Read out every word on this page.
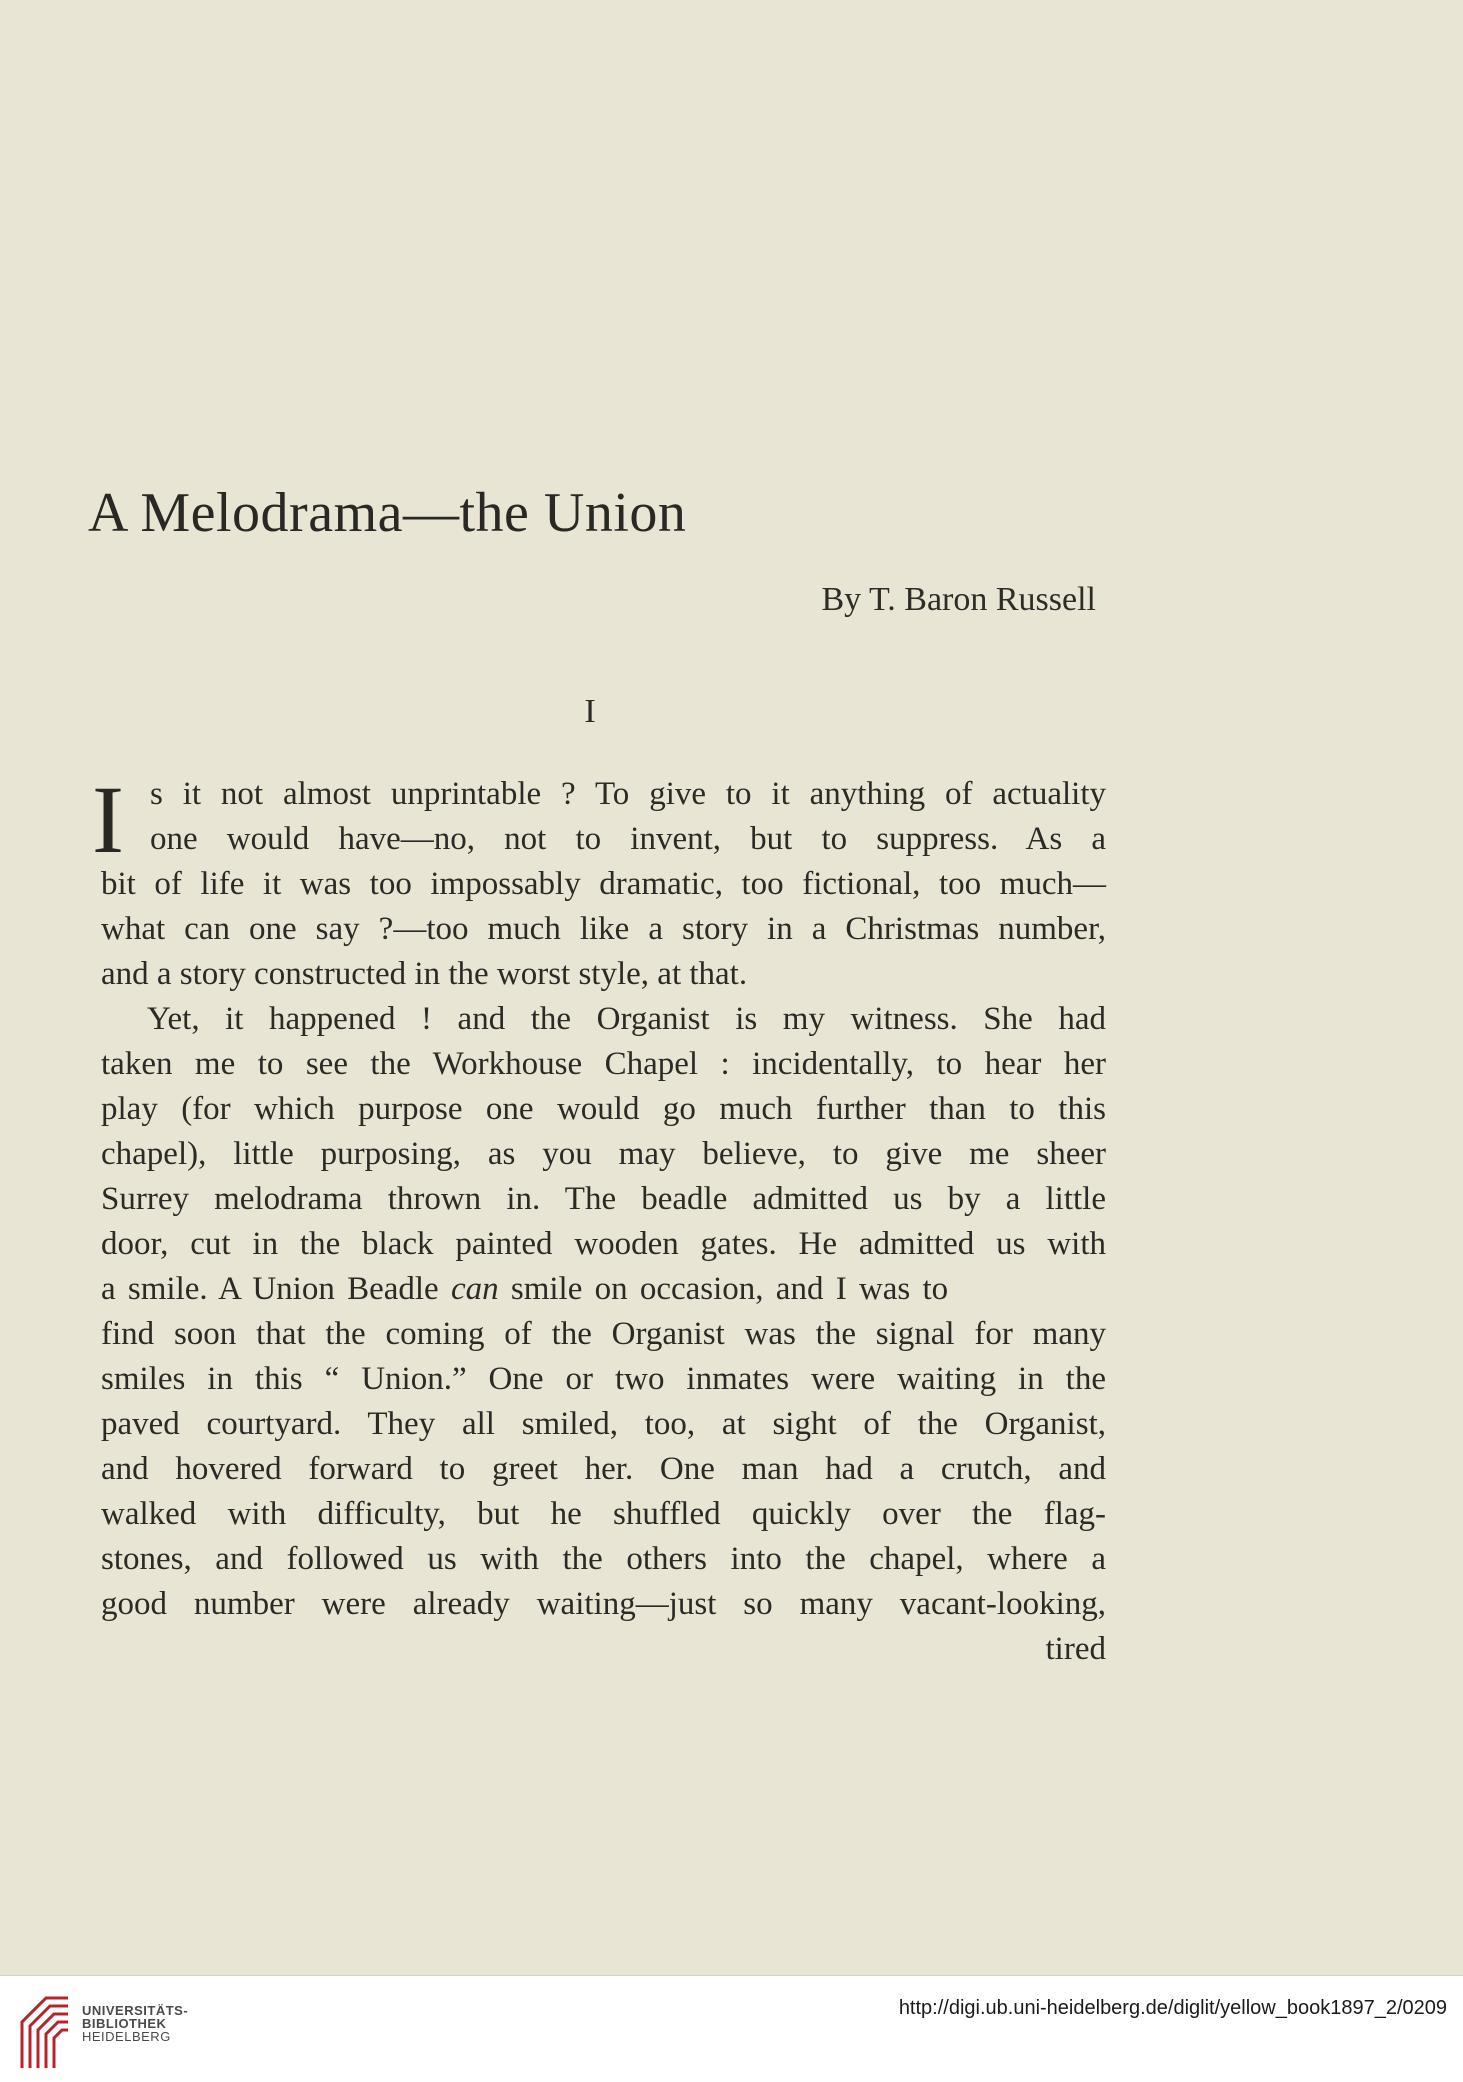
A Melodrama—the Union
By T. Baron Russell
I
I s it not almost unprintable ? To give to it anything of actuality
one would have—no, not to invent, but to suppress. As a
bit of life it was too impossably dramatic, too fictional, too much—
what can one say ?—too much like a story in a Christmas number,
and a story constructed in the worst style, at that.
Yet, it happened ! and the Organist is my witness. She had
taken me to see the Workhouse Chapel : incidentally, to hear her
play (for which purpose one would go much further than to this
chapel), little purposing, as you may believe, to give me sheer
Surrey melodrama thrown in. The beadle admitted us by a little
door, cut in the black painted wooden gates. He admitted us with
a smile. A Union Beadle can smile on occasion, and I was to
find soon that the coming of the Organist was the signal for many
smiles in this “ Union.” One or two inmates were waiting in the
paved courtyard. They all smiled, too, at sight of the Organist,
and hovered forward to greet her. One man had a crutch, and
walked with difficulty, but he shuffled quickly over the flag-
stones, and followed us with the others into the chapel, where a
good number were already waiting—just so many vacant-looking,
tired
UNIVERSITÄTS-
BIBLIOTHEK
HEIDELBERG
http://digi.ub.uni-heidelberg.de/diglit/yellow_book1897_2/0209
